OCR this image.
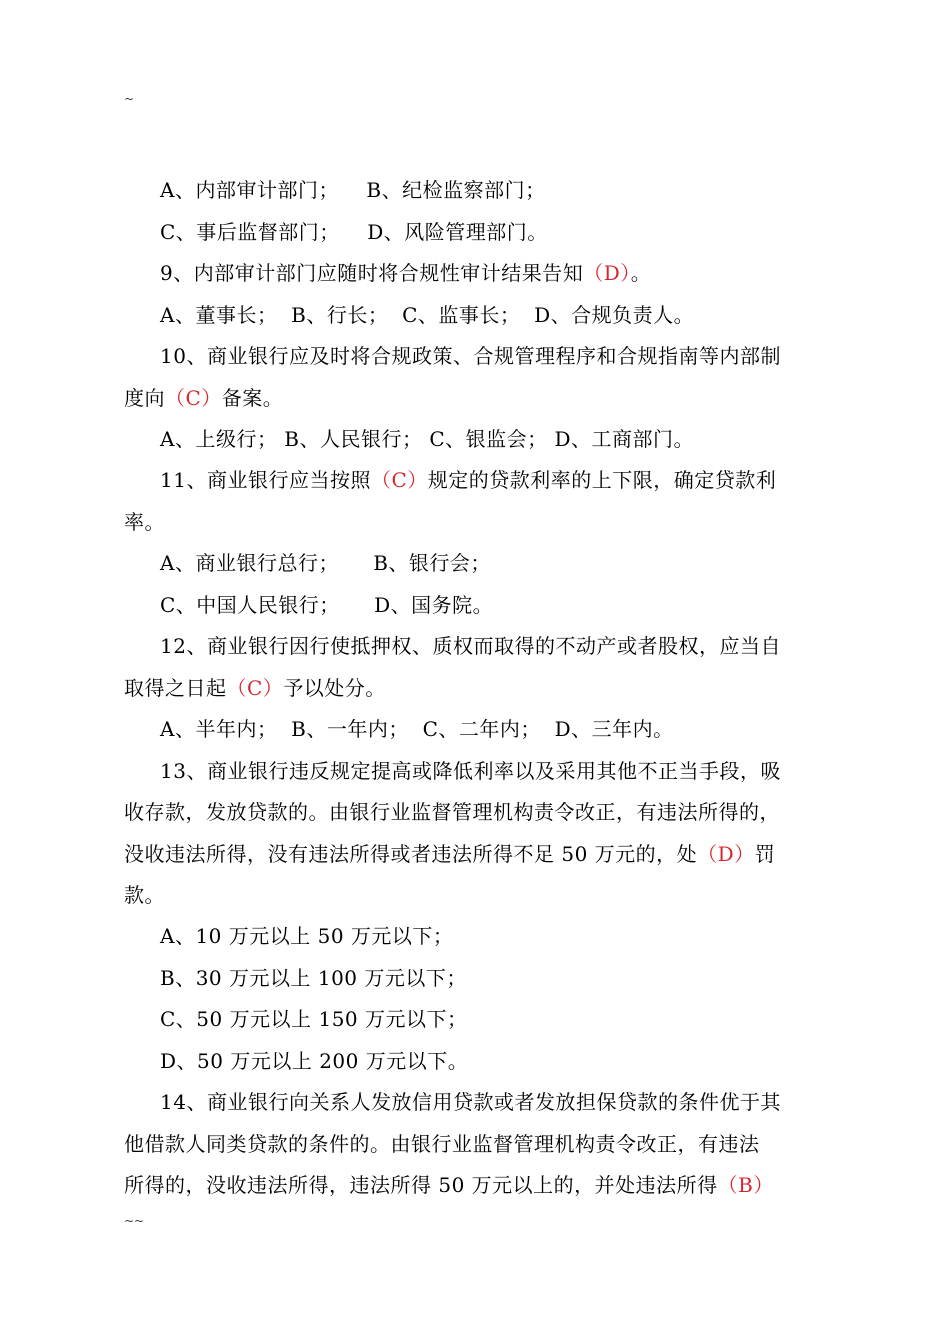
~
A、内部审计部门；    B、纪检监察部门；
C、事后监督部门；    D、风险管理部门。
9、内部审计部门应随时将合规性审计结果告知（D）。
A、董事长；  B、行长；  C、监事长；  D、合规负责人。
10、商业银行应及时将合规政策、合规管理程序和合规指南等内部制
度向（C）备案。
A、上级行； B、人民银行； C、银监会； D、工商部门。
11、商业银行应当按照（C）规定的贷款利率的上下限，确定贷款利
率。
A、商业银行总行；     B、银行会；
C、中国人民银行；     D、国务院。
12、商业银行因行使抵押权、质权而取得的不动产或者股权，应当自
取得之日起（C）予以处分。
A、半年内；  B、一年内；  C、二年内；  D、三年内。
13、商业银行违反规定提高或降低利率以及采用其他不正当手段，吸
收存款，发放贷款的。由银行业监督管理机构责令改正，有违法所得的，
没收违法所得，没有违法所得或者违法所得不足 50 万元的，处（D）罚
款。
A、10 万元以上 50 万元以下；
B、30 万元以上 100 万元以下；
C、50 万元以上 150 万元以下；
D、50 万元以上 200 万元以下。
14、商业银行向关系人发放信用贷款或者发放担保贷款的条件优于其
他借款人同类贷款的条件的。由银行业监督管理机构责令改正，有违法
所得的，没收违法所得，违法所得 50 万元以上的，并处违法所得（B）
~~
